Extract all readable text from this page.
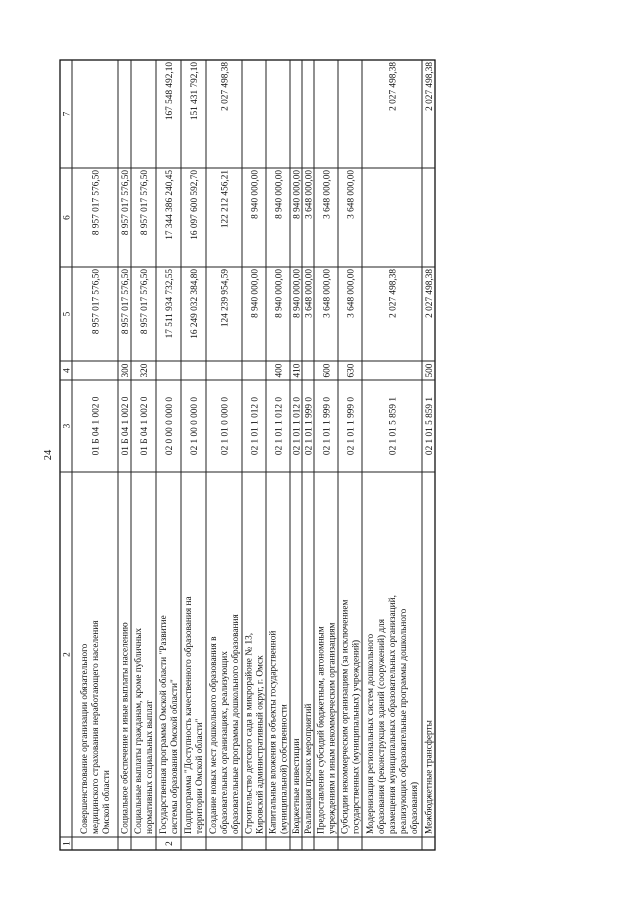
24
1
2
3
4
5
6
7
Совершенствование организации обязательного медицинского страхования неработающего населения Омской области
01 Б 04 1 002 0
8 957 017 576,50
8 957 017 576,50
Социальное обеспечение и иные выплаты населению
01 Б 04 1 002 0
300
8 957 017 576,50
8 957 017 576,50
Социальные выплаты гражданам, кроме публичных нормативных социальных выплат
01 Б 04 1 002 0
320
8 957 017 576,50
8 957 017 576,50
2
Государственная программа Омской области "Развитие системы образования Омской области"
02 0 00 0 000 0
17 511 934 732,55
17 344 386 240,45
167 548 492,10
Подпрограмма "Доступность качественного образования на территории Омской области"
02 1 00 0 000 0
16 249 032 384,80
16 097 600 592,70
151 431 792,10
Создание новых мест дошкольного образования в образовательных организациях, реализующих образовательные программы дошкольного образования
02 1 01 0 000 0
124 239 954,59
122 212 456,21
2 027 498,38
Строительство детского сада в микрорайоне № 13, Кировский административный округ, г. Омск
02 1 01 1 012 0
8 940 000,00
8 940 000,00
Капитальные вложения в объекты государственной (муниципальной) собственности
02 1 01 1 012 0
400
8 940 000,00
8 940 000,00
Бюджетные инвестиции
02 1 01 1 012 0
410
8 940 000,00
8 940 000,00
Реализация прочих мероприятий
02 1 01 1 999 0
3 648 000,00
3 648 000,00
Предоставление субсидий бюджетным, автономным учреждениям и иным некоммерческим организациям
02 1 01 1 999 0
600
3 648 000,00
3 648 000,00
Субсидии некоммерческим организациям (за исключением государственных (муниципальных) учреждений)
02 1 01 1 999 0
630
3 648 000,00
3 648 000,00
Модернизация региональных систем дошкольного образования (реконструкция зданий (сооружений) для размещения муниципальных образовательных организаций, реализующих образовательные программы дошкольного образования)
02 1 01 5 859 1
2 027 498,38
2 027 498,38
Межбюджетные трансферты
02 1 01 5 859 1
500
2 027 498,38
2 027 498,38
